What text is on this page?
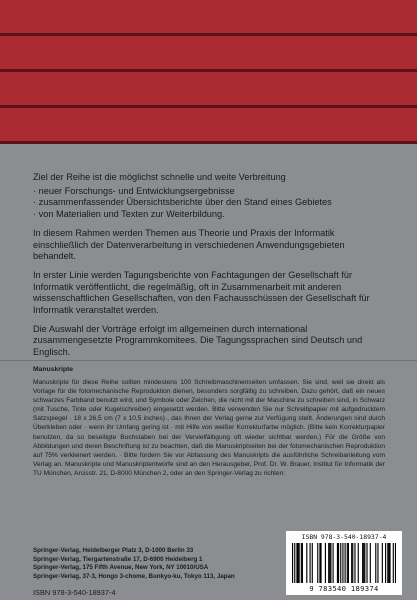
Ziel der Reihe ist die möglichst schnelle und weite Verbreitung

· neuer Forschungs- und Entwicklungsergebnisse
· zusammenfassender Übersichtsberichte über den Stand eines Gebietes
· von Materialien und Texten zur Weiterbildung.

In diesem Rahmen werden Themen aus Theorie und Praxis der Informatik einschließlich der Datenverarbeitung in verschiedenen Anwendungsgebieten behandelt.

In erster Linie werden Tagungsberichte von Fachtagungen der Gesellschaft für Informatik veröffentlicht, die regelmäßig, oft in Zusammenarbeit mit anderen wissenschaftlichen Gesellschaften, von den Fachausschüssen der Gesellschaft für Informatik veranstaltet werden.

Die Auswahl der Vorträge erfolgt im allgemeinen durch international zusammengesetzte Programmkomitees. Die Tagungssprachen sind Deutsch und Englisch.

Manuskripte
Manuskripte für diese Reihe sollten mindestens 100 Schreibmaschinenseiten umfassen. Sie sind, weil sie direkt als Vorlage für die fotomechanische Reproduktion dienen, besonders sorgfältig zu schreiben. Dazu gehört, daß ein neues schwarzes Farbband benutzt wird, und Symbole oder Zeichen, die nicht mit der Maschine zu schreiben sind, in Schwarz (mit Tusche, Tinte oder Kugelschreiber) eingesetzt werden. Bitte verwenden Sie nur Schreibpapier mit aufgedrucktem Satzspiegel · 18 x 26,5 cm (7 x 10,5 inches)·, das Ihnen der Verlag gerne zur Verfügung stellt. Änderungen sind durch Überkleben oder · wenn ihr Umfang gering ist · mit Hilfe von weißer Korrekturfarbe möglich. (Bitte kein Korrekturpapier benutzen, da so beseitigte Buchstaben bei der Vervielfältigung oft wieder sichtbar werden.) Für die Größe von Abbildungen und deren Beschriftung ist zu beachten, daß die Manuskriptseiten bei der fotomechanischen Reproduktion auf 75% verkleinert werden. · Bitte fordern Sie vor Abfassung des Manuskripts die ausführliche Schreibanleitung vom Verlag an. Manuskripte und Manuskriptentwürfe sind an den Herausgeber, Prof. Dr. W. Brauer, Institut für Informatik der TU München, Arcisstr. 21, D-8000 München 2, oder an den Springer-Verlag zu richten:
Springer-Verlag, Heidelberger Platz 3, D-1000 Berlin 33
Springer-Verlag, Tiergartenstraße 17, D-6900 Heidelberg 1
Springer-Verlag, 175 Fifth Avenue, New York, NY 10010/USA
Springer-Verlag, 37-3, Hongo 3-chome, Bunkyo-ku, Tokyo 113, Japan
ISBN 978-3-540-18937-4
ISBN 978-3-540-18937-4
9 783540 189374
